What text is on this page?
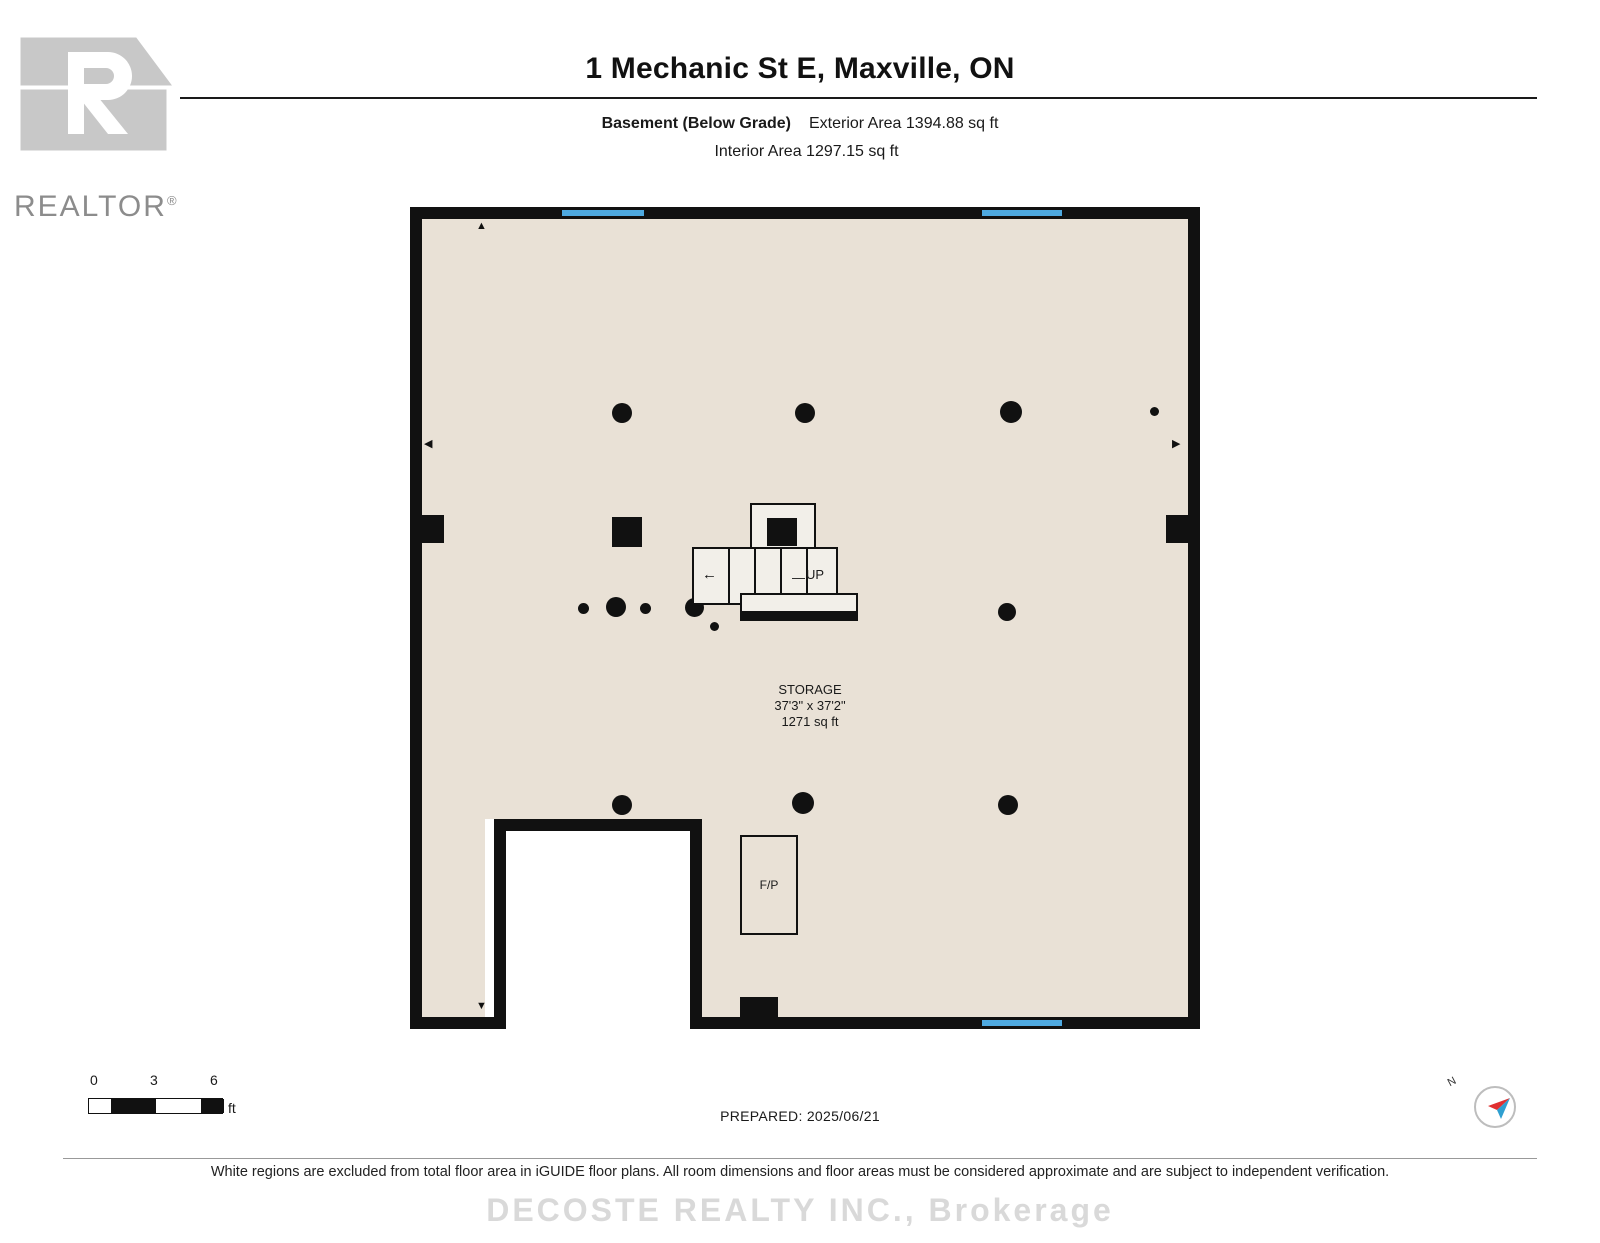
REALTOR®
1 Mechanic St E, Maxville, ON
Basement (Below Grade) Exterior Area 1394.88 sq ft
Interior Area 1297.15 sq ft
▲
◀	▶
▼
←	— UP
F/P
STORAGE
37'3" x 37'2"
1271 sq ft
0	3	6
ft	PREPARED: 2025/06/21
N
White regions are excluded from total floor area in iGUIDE floor plans. All room dimensions and floor areas must be considered approximate and are subject to independent verification.
DECOSTE REALTY INC., Brokerage
